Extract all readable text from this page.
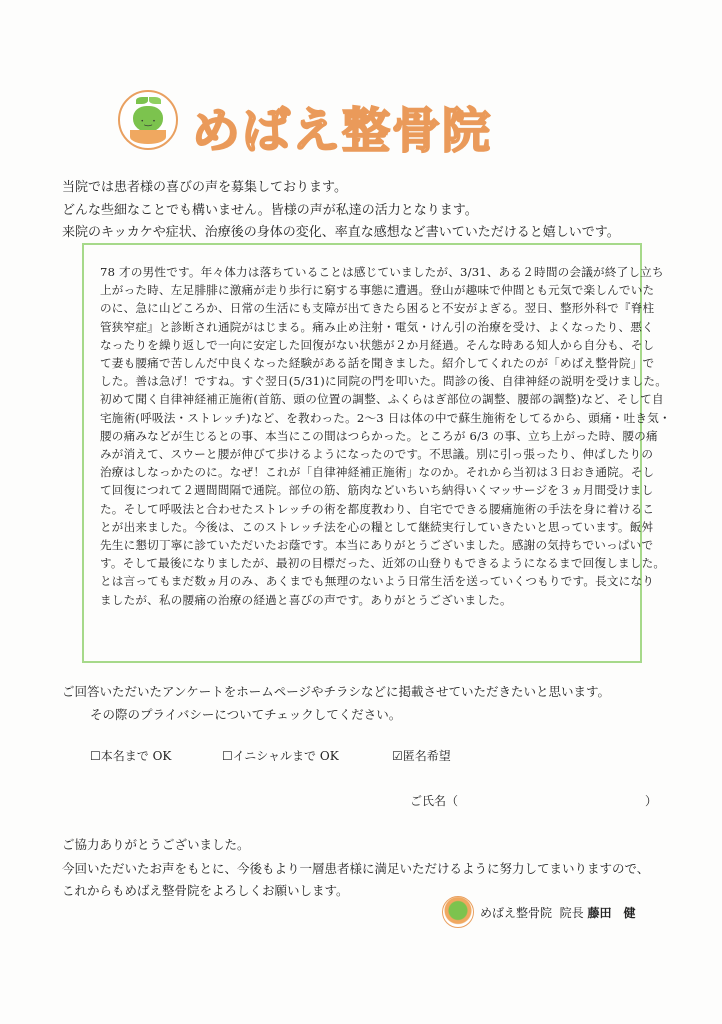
･‿･ めばえ整骨院
当院では患者様の喜びの声を募集しております。
どんな些細なことでも構いません。皆様の声が私達の活力となります。
来院のキッカケや症状、治療後の身体の変化、率直な感想など書いていただけると嬉しいです。
78 才の男性です。年々体力は落ちていることは感じていましたが、3/31、ある２時間の会議が終了し立ち
上がった時、左足腓腓に激痛が走り歩行に窮する事態に遭遇。登山が趣味で仲間とも元気で楽しんでいた
のに、急に山どころか、日常の生活にも支障が出てきたら困ると不安がよぎる。翌日、整形外科で『脊柱
管狭窄症』と診断され通院がはじまる。痛み止め注射・電気・けん引の治療を受け、よくなったり、悪く
なったりを繰り返しで一向に安定した回復がない状態が２か月経過。そんな時ある知人から自分も、そし
て妻も腰痛で苦しんだ中良くなった経験がある話を聞きました。紹介してくれたのが「めばえ整骨院」で
した。善は急げ！ですね。すぐ翌日(5/31)に同院の門を叩いた。問診の後、自律神経の説明を受けました。
初めて聞く自律神経補正施術(首筋、頭の位置の調整、ふくらはぎ部位の調整、腰部の調整)など、そして自
宅施術(呼吸法・ストレッチ)など、を教わった。2～3 日は体の中で蘇生施術をしてるから、頭痛・吐き気・
腰の痛みなどが生じるとの事、本当にこの間はつらかった。ところが 6/3 の事、立ち上がった時、腰の痛
みが消えて、スウーと腰が伸びて歩けるようになったのです。不思議。別に引っ張ったり、伸ばしたりの
治療はしなっかたのに。なぜ！これが「自律神経補正施術」なのか。それから当初は３日おき通院。そし
て回復につれて２週間間隔で通院。部位の筋、筋肉などいちいち納得いくマッサージを３ヵ月間受けまし
た。そして呼吸法と合わせたストレッチの術を都度教わり、自宅でできる腰痛施術の手法を身に着けるこ
とが出来ました。今後は、このストレッチ法を心の糧として継続実行していきたいと思っています。飯舛
先生に懇切丁寧に診ていただいたお蔭です。本当にありがとうございました。感謝の気持ちでいっぱいで
す。そして最後になりましたが、最初の目標だった、近郊の山登りもできるようになるまで回復しました。
とは言ってもまだ数ヵ月のみ、あくまでも無理のないよう日常生活を送っていくつもりです。長文になり
ましたが、私の腰痛の治療の経過と喜びの声です。ありがとうございました。
ご回答いただいたアンケートをホームページやチラシなどに掲載させていただきたいと思います。
その際のプライバシーについてチェックしてください。
☐本名まで OK	☐イニシャルまで OK	☑匿名希望
ご氏名（	）
ご協力ありがとうございました。
今回いただいたお声をもとに、今後もより一層患者様に満足いただけるように努力してまいりますので、
これからもめばえ整骨院をよろしくお願いします。
めばえ整骨院 院長 藤田　健
